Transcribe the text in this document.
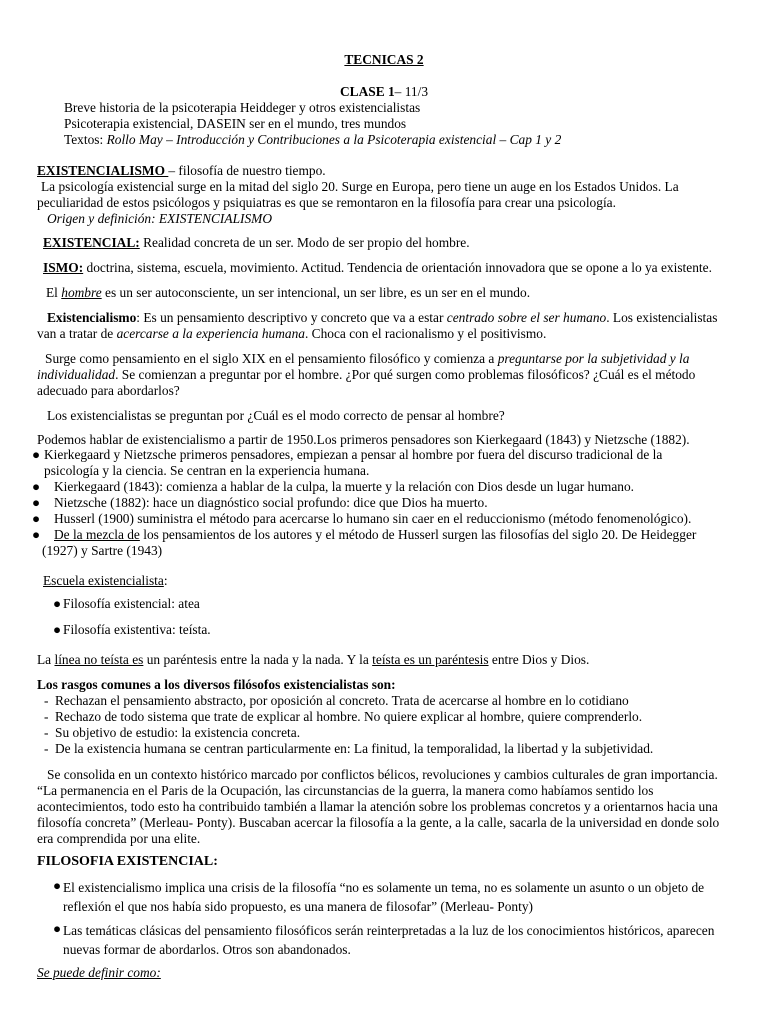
TECNICAS 2
CLASE 1– 11/3
Breve historia de la psicoterapia Heiddeger y otros existencialistas
Psicoterapia existencial, DASEIN ser en el mundo, tres mundos
Textos: Rollo May – Introducción y Contribuciones a la Psicoterapia existencial – Cap 1 y 2
EXISTENCIALISMO – filosofía de nuestro tiempo.

La psicología existencial surge en la mitad del siglo 20. Surge en Europa, pero tiene un auge en los Estados Unidos. La peculiaridad de estos psicólogos y psiquiatras es que se remontaron en la filosofía para crear una psicología.

Origen y definición: EXISTENCIALISMO
EXISTENCIAL: Realidad concreta de un ser. Modo de ser propio del hombre.
ISMO: doctrina, sistema, escuela, movimiento. Actitud. Tendencia de orientación innovadora que se opone a lo ya existente.
El hombre es un ser autoconsciente, un ser intencional, un ser libre, es un ser en el mundo.

Existencialismo: Es un pensamiento descriptivo y concreto que va a estar centrado sobre el ser humano. Los existencialistas van a tratar de acercarse a la experiencia humana. Choca con el racionalismo y el positivismo.

Surge como pensamiento en el siglo XIX en el pensamiento filosófico y comienza a preguntarse por la subjetividad y la individualidad. Se comienzan a preguntar por el hombre. ¿Por qué surgen como problemas filosóficos? ¿Cuál es el método adecuado para abordarlos?

Los existencialistas se preguntan por ¿Cuál es el modo correcto de pensar al hombre?
Podemos hablar de existencialismo a partir de 1950.Los primeros pensadores son Kierkegaard (1843) y Nietzsche (1882).
● Kierkegaard y Nietzsche primeros pensadores, empiezan a pensar al hombre por fuera del discurso tradicional de la psicología y la ciencia. Se centran en la experiencia humana.

● Kierkegaard (1843): comienza a hablar de la culpa, la muerte y la relación con Dios desde un lugar humano.
● Nietzsche (1882): hace un diagnóstico social profundo: dice que Dios ha muerto.
● Husserl (1900) suministra el método para acercarse lo humano sin caer en el reduccionismo (método fenomenológico).
●	De la mezcla de los pensamientos de los autores y el método de Husserl surgen las filosofías del siglo 20. De Heidegger (1927) y Sartre (1943)

Escuela existencialista:
● Filosofía existencial: atea
● Filosofía existentiva: teísta.
La línea no teísta es un paréntesis entre la nada y la nada. Y la teísta es un paréntesis entre Dios y Dios.
Los rasgos comunes a los diversos filósofos existencialistas son:
- Rechazan el pensamiento abstracto, por oposición al concreto. Trata de acercarse al hombre en lo cotidiano
- Rechazo de todo sistema que trate de explicar al hombre. No quiere explicar al hombre, quiere comprenderlo.
- Su objetivo de estudio: la existencia concreta.
- De la existencia humana se centran particularmente en: La finitud, la temporalidad, la libertad y la subjetividad.

Se consolida en un contexto histórico marcado por conflictos bélicos, revoluciones y cambios culturales de gran importancia. “La permanencia en el Paris de la Ocupación, las circunstancias de la guerra, la manera como habíamos sentido los acontecimientos, todo esto ha contribuido también a llamar la atención sobre los problemas concretos y a orientarnos hacia una filosofía concreta” (Merleau- Ponty). Buscaban acercar la filosofía a la gente, a la calle, sacarla de la universidad en donde solo era comprendida por una elite.

FILOSOFIA EXISTENCIAL:
● El existencialismo implica una crisis de la filosofía “no es solamente un tema, no es solamente un asunto o un objeto de reflexión el que nos había sido propuesto, es una manera de filosofar” (Merleau- Ponty)

● Las temáticas clásicas del pensamiento filosóficos serán reinterpretadas a la luz de los conocimientos históricos, aparecen nuevas formar de abordarlos. Otros son abandonados.

Se puede definir como:
